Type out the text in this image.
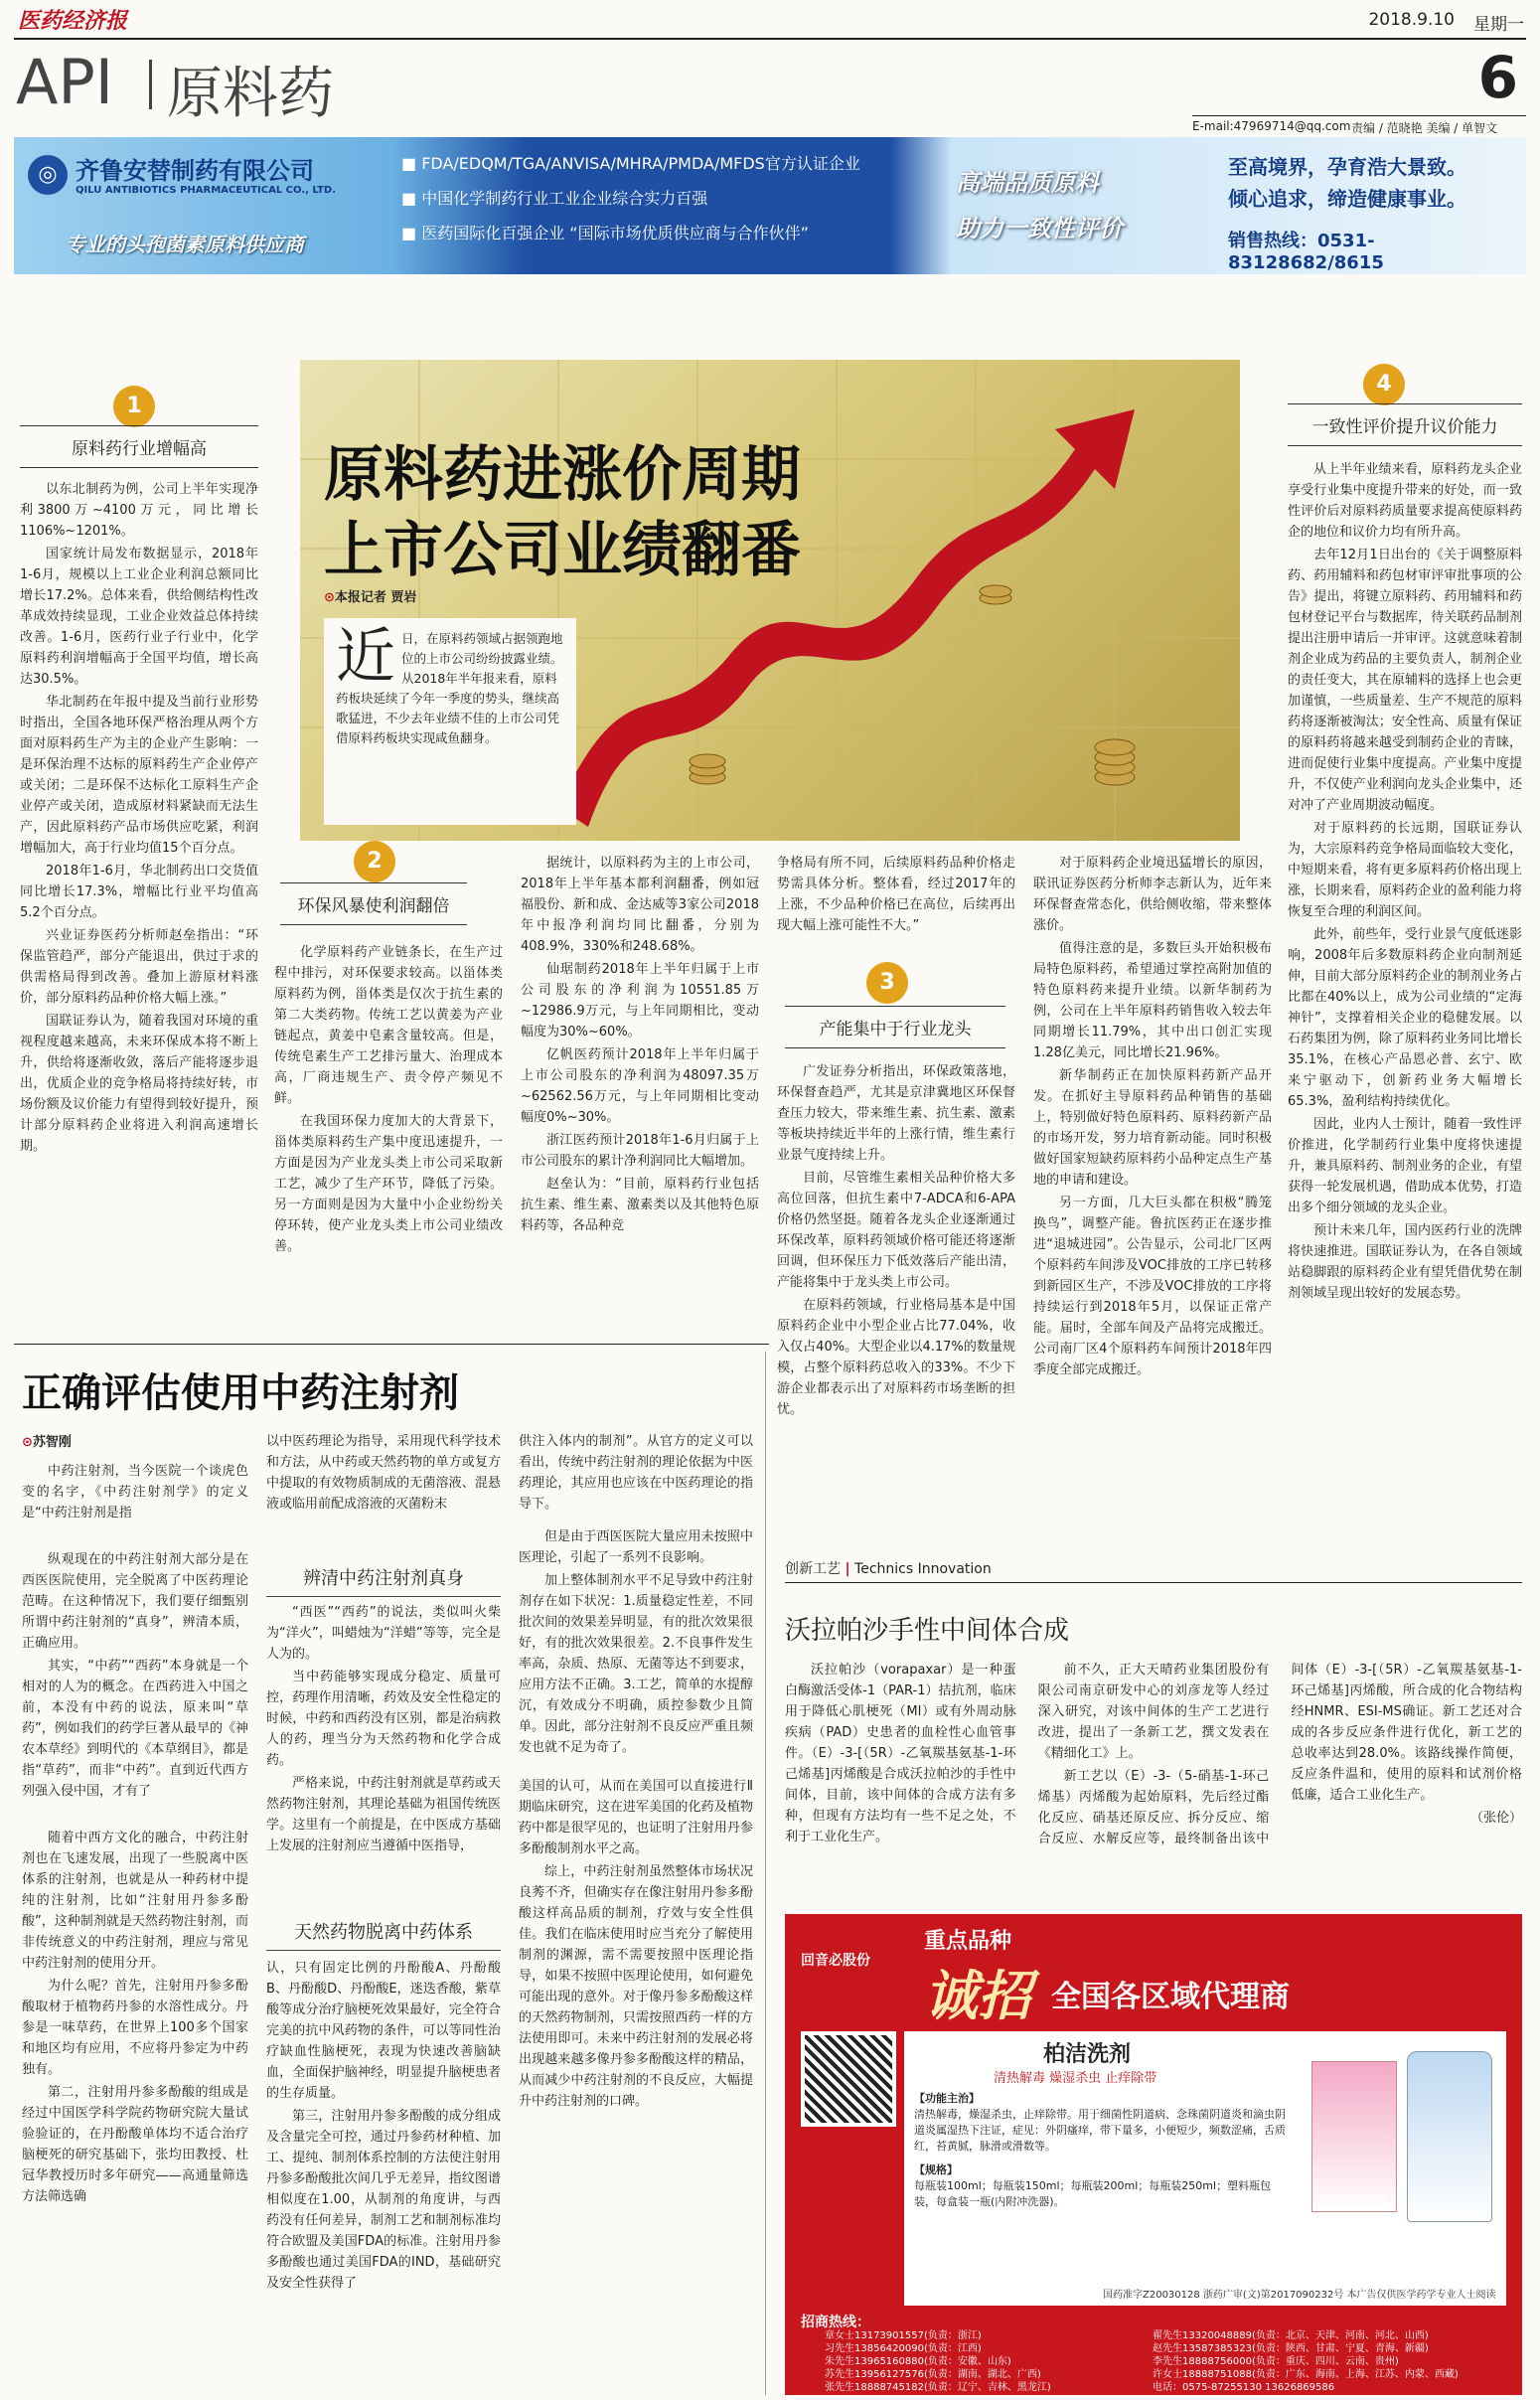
医药经济报	2018.9.10 星期一
API 原料药	6
E-mail:47969714@qq.com 责编 / 范晓艳 美编 / 单智文
◎ 齐鲁安替制药有限公司
QILU ANTIBIOTICS PHARMACEUTICAL CO., LTD.
专业的头孢菌素原料供应商
■ FDA/EDQM/TGA/ANVISA/MHRA/PMDA/MFDS官方认证企业
■ 中国化学制药行业工业企业综合实力百强
■ 医药国际化百强企业 “国际市场优质供应商与合作伙伴”
高端品质原料
助力一致性评价
至高境界，孕育浩大景致。
倾心追求，缔造健康事业。
销售热线：0531-83128682/8615
原料药进涨价周期
上市公司业绩翻番
⊙本报记者 贾岩
近 日，在原料药领域占据领跑地位的上市公司纷纷披露业绩。从2018年半年报来看，原料药板块延续了今年一季度的势头，继续高歌猛进，不少去年业绩不佳的上市公司凭借原料药板块实现咸鱼翻身。
1
原料药行业增幅高

以东北制药为例，公司上半年实现净利3800万~4100万元，同比增长1106%~1201%。

国家统计局发布数据显示，2018年1-6月，规模以上工业企业利润总额同比增长17.2%。总体来看，供给侧结构性改革成效持续显现，工业企业效益总体持续改善。1-6月，医药行业子行业中，化学原料药利润增幅高于全国平均值，增长高达30.5%。

华北制药在年报中提及当前行业形势时指出，全国各地环保严格治理从两个方面对原料药生产为主的企业产生影响：一是环保治理不达标的原料药生产企业停产或关闭；二是环保不达标化工原料生产企业停产或关闭，造成原材料紧缺而无法生产，因此原料药产品市场供应吃紧，利润增幅加大，高于行业均值15个百分点。

2018年1-6月，华北制药出口交货值同比增长17.3%，增幅比行业平均值高5.2个百分点。

兴业证券医药分析师赵垒指出：“环保监管趋严，部分产能退出，供过于求的供需格局得到改善。叠加上游原材料涨价，部分原料药品种价格大幅上涨。”

国联证券认为，随着我国对环境的重视程度越来越高，未来环保成本将不断上升，供给将逐渐收敛，落后产能将逐步退出，优质企业的竞争格局将持续好转，市场份额及议价能力有望得到较好提升，预计部分原料药企业将进入利润高速增长期。

2
环保风暴使利润翻倍

化学原料药产业链条长，在生产过程中排污，对环保要求较高。以甾体类原料药为例，甾体类是仅次于抗生素的第二大类药物。传统工艺以黄姜为产业链起点，黄姜中皂素含量较高。但是，传统皂素生产工艺排污量大、治理成本高，厂商违规生产、责令停产频见不鲜。

在我国环保力度加大的大背景下，甾体类原料药生产集中度迅速提升，一方面是因为产业龙头类上市公司采取新工艺，减少了生产环节，降低了污染。另一方面则是因为大量中小企业纷纷关停环转，使产业龙头类上市公司业绩改善。

据统计，以原料药为主的上市公司，2018年上半年基本都利润翻番，例如冠福股份、新和成、金达威等3家公司2018年中报净利润均同比翻番，分别为408.9%，330%和248.68%。

仙琚制药2018年上半年归属于上市公司股东的净利润为10551.85万~12986.9万元，与上年同期相比，变动幅度为30%~60%。

亿帆医药预计2018年上半年归属于上市公司股东的净利润为48097.35万~62562.56万元，与上年同期相比变动幅度0%~30%。

浙江医药预计2018年1-6月归属于上市公司股东的累计净利润同比大幅增加。

赵垒认为：“目前，原料药行业包括抗生素、维生素、激素类以及其他特色原料药等，各品种竞

争格局有所不同，后续原料药品种价格走势需具体分析。整体看，经过2017年的上涨，不少品种价格已在高位，后续再出现大幅上涨可能性不大。”

3
产能集中于行业龙头

广发证券分析指出，环保政策落地，环保督查趋严，尤其是京津冀地区环保督查压力较大，带来维生素、抗生素、激素等板块持续近半年的上涨行情，维生素行业景气度持续上升。

目前，尽管维生素相关品种价格大多高位回落，但抗生素中7-ADCA和6-APA价格仍然坚挺。随着各龙头企业逐渐通过环保改革，原料药领域价格可能还将逐渐回调，但环保压力下低效落后产能出清，产能将集中于龙头类上市公司。

在原料药领域，行业格局基本是中国原料药企业中小型企业占比77.04%，收入仅占40%。大型企业以4.17%的数量规模，占整个原料药总收入的33%。不少下游企业都表示出了对原料药市场垄断的担忧。

对于原料药企业境迅猛增长的原因，联讯证券医药分析师李志新认为，近年来环保督查常态化，供给侧收缩，带来整体涨价。

值得注意的是，多数巨头开始积极布局特色原料药，希望通过掌控高附加值的特色原料药来提升业绩。以新华制药为例，公司在上半年原料药销售收入较去年同期增长11.79%，其中出口创汇实现1.28亿美元，同比增长21.96%。

新华制药正在加快原料药新产品开发。在抓好主导原料药品种销售的基础上，特别做好特色原料药、原料药新产品的市场开发，努力培育新动能。同时积极做好国家短缺药原料药小品种定点生产基地的申请和建设。

另一方面，几大巨头都在积极“腾笼换鸟”，调整产能。鲁抗医药正在逐步推进“退城进园”。公告显示，公司北厂区两个原料药车间涉及VOC排放的工序已转移到新园区生产，不涉及VOC排放的工序将持续运行到2018年5月，以保证正常产能。届时，全部车间及产品将完成搬迁。公司南厂区4个原料药车间预计2018年四季度全部完成搬迁。

4
一致性评价提升议价能力

从上半年业绩来看，原料药龙头企业享受行业集中度提升带来的好处，而一致性评价后对原料药质量要求提高使原料药企的地位和议价力均有所升高。

去年12月1日出台的《关于调整原料药、药用辅料和药包材审评审批事项的公告》提出，将键立原料药、药用辅料和药包材登记平台与数据库，待关联药品制剂提出注册申请后一并审评。这就意味着制剂企业成为药品的主要负责人，制剂企业的责任变大，其在原辅料的选择上也会更加谨慎，一些质量差、生产不规范的原料药将逐渐被淘汰；安全性高、质量有保证的原料药将越来越受到制药企业的青睐，进而促使行业集中度提高。产业集中度提升，不仅使产业利润向龙头企业集中，还对冲了产业周期波动幅度。

对于原料药的长远期，国联证券认为，大宗原料药竞争格局面临较大变化，中短期来看，将有更多原料药价格出现上涨，长期来看，原料药企业的盈利能力将恢复至合理的利润区间。

此外，前些年，受行业景气度低迷影响，2008年后多数原料药企业向制剂延伸，目前大部分原料药企业的制剂业务占比都在40%以上，成为公司业绩的“定海神针”，支撑着相关企业的稳健发展。以石药集团为例，除了原料药业务同比增长35.1%，在核心产品恩必普、玄宁、欧来宁驱动下，创新药业务大幅增长65.3%，盈利结构持续优化。

因此，业内人士预计，随着一致性评价推进，化学制药行业集中度将快速提升，兼具原料药、制剂业务的企业，有望获得一轮发展机遇，借助成本优势，打造出多个细分领域的龙头企业。

预计未来几年，国内医药行业的洗牌将快速推进。国联证券认为，在各自领域站稳脚跟的原料药企业有望凭借优势在制剂领域呈现出较好的发展态势。

正确评估使用中药注射剂
⊙苏智刚

中药注射剂，当今医院一个谈虎色变的名字，《中药注射剂学》的定义是“中药注射剂是指

纵观现在的中药注射剂大部分是在西医医院使用，完全脱离了中医药理论范畴。在这种情况下，我们要仔细甄别所谓中药注射剂的“真身”，辨清本质，正确应用。

其实，“中药”“西药”本身就是一个相对的人为的概念。在西药进入中国之前，本没有中药的说法，原来叫“草药”，例如我们的药学巨著从最早的《神农本草经》到明代的《本草纲目》，都是指“草药”，而非“中药”。直到近代西方列强入侵中国，才有了

随着中西方文化的融合，中药注射剂也在飞速发展，出现了一些脱离中医体系的注射剂，也就是从一种药材中提纯的注射剂，比如“注射用丹参多酚酸”，这种制剂就是天然药物注射剂，而非传统意义的中药注射剂，理应与常见中药注射剂的使用分开。

为什么呢？首先，注射用丹参多酚酸取材于植物药丹参的水溶性成分。丹参是一味草药，在世界上100多个国家和地区均有应用，不应将丹参定为中药独有。

第二，注射用丹参多酚酸的组成是经过中国医学科学院药物研究院大量试验验证的，在丹酚酸单体均不适合治疗脑梗死的研究基础下，张均田教授、杜冠华教授历时多年研究——高通量筛选方法筛选确

以中医药理论为指导，采用现代科学技术和方法，从中药或天然药物的单方或复方中提取的有效物质制成的无菌溶液、混悬液或临用前配成溶液的灭菌粉末

辨清中药注射剂真身

“西医”“西药”的说法，类似叫火柴为“洋火”，叫蜡烛为“洋蜡”等等，完全是人为的。

当中药能够实现成分稳定、质量可控，药理作用清晰，药效及安全性稳定的时候，中药和西药没有区别，都是治病救人的药，理当分为天然药物和化学合成药。

严格来说，中药注射剂就是草药或天然药物注射剂，其理论基础为祖国传统医学。这里有一个前提是，在中医成方基础上发展的注射剂应当遵循中医指导，

天然药物脱离中药体系

认，只有固定比例的丹酚酸A、丹酚酸B、丹酚酸D、丹酚酸E，迷迭香酸，紫草酸等成分治疗脑梗死效果最好，完全符合完美的抗中风药物的条件，可以等同性治疗缺血性脑梗死，表现为快速改善脑缺血，全面保护脑神经，明显提升脑梗患者的生存质量。

第三，注射用丹参多酚酸的成分组成及含量完全可控，通过丹参药材种植、加工、提纯、制剂体系控制的方法使注射用丹参多酚酸批次间几乎无差异，指纹图谱相似度在1.00，从制剂的角度讲，与西药没有任何差异，制剂工艺和制剂标准均符合欧盟及美国FDA的标准。注射用丹参多酚酸也通过美国FDA的IND，基础研究及安全性获得了

供注入体内的制剂”。从官方的定义可以看出，传统中药注射剂的理论依据为中医药理论，其应用也应该在中医药理论的指导下。

但是由于西医医院大量应用未按照中医理论，引起了一系列不良影响。

加上整体制剂水平不足导致中药注射剂存在如下状况：1.质量稳定性差，不同批次间的效果差异明显，有的批次效果很好，有的批次效果很差。2.不良事件发生率高，杂质、热原、无菌等达不到要求，应用方法不正确。3.工艺，简单的水提醇沉，有效成分不明确，质控参数少且简单。因此，部分注射剂不良反应严重且频发也就不足为奇了。

美国的认可，从而在美国可以直接进行Ⅱ期临床研究，这在进军美国的化药及植物药中都是很罕见的，也证明了注射用丹参多酚酸制剂水平之高。

综上，中药注射剂虽然整体市场状况良莠不齐，但确实存在像注射用丹参多酚酸这样高品质的制剂，疗效与安全性俱佳。我们在临床使用时应当充分了解使用制剂的渊源，需不需要按照中医理论指导，如果不按照中医理论使用，如何避免可能出现的意外。对于像丹参多酚酸这样的天然药物制剂，只需按照西药一样的方法使用即可。未来中药注射剂的发展必将出现越来越多像丹参多酚酸这样的精品，从而减少中药注射剂的不良反应，大幅提升中药注射剂的口碑。

创新工艺 | Technics Innovation
沃拉帕沙手性中间体合成

沃拉帕沙（vorapaxar）是一种蛋白酶激活受体-1（PAR-1）拮抗剂，临床用于降低心肌梗死（MI）或有外周动脉疾病（PAD）史患者的血栓性心血管事件。（E）-3-[（5R）-乙氧羰基氨基-1-环己烯基]丙烯酸是合成沃拉帕沙的手性中间体，目前，该中间体的合成方法有多种，但现有方法均有一些不足之处，不利于工业化生产。

前不久，正大天晴药业集团股份有限公司南京研发中心的刘彦龙等人经过深入研究，对该中间体的生产工艺进行改进，提出了一条新工艺，撰文发表在《精细化工》上。

新工艺以（E）-3-（5-硝基-1-环己烯基）丙烯酸为起始原料，先后经过酯化反应、硝基还原反应、拆分反应、缩合反应、水解反应等，最终制备出该中间体（E）-3-[（5R）-乙氧羰基氨基-1-环己烯基]丙烯酸，所合成的化合物结构经HNMR、ESI-MS确证。新工艺还对合成的各步反应条件进行优化，新工艺的总收率达到28.0%。该路线操作简便，反应条件温和，使用的原料和试剂价格低廉，适合工业化生产。

（张伦）

回音必股份
重点品种
诚招 全国各区域代理商
柏洁洗剂
清热解毒 燥湿杀虫 止痒除带
【功能主治】
清热解毒，燥湿杀虫，止痒除带。用于细菌性阴道病、念珠菌阴道炎和滴虫阴道炎属湿热下注证，症见：外阴瘙痒，带下量多，小便短少，频数涩痛，舌质红，苔黄腻，脉滑或滑数等。
【规格】
每瓶装100ml；每瓶装150ml；每瓶装200ml；每瓶装250ml；塑料瓶包装，每盒装一瓶(内附冲洗器)。
国药准字Z20030128 浙药广审(文)第2017090232号 本广告仅供医学药学专业人士阅读
招商热线：
章女士13173901557(负责：浙江)
习先生13856420090(负责：江西)
朱先生13965160880(负责：安徽、山东)
苏先生13956127576(负责：湖南、湖北、广西)
张先生18888745182(负责：辽宁、吉林、黑龙江)
翟先生13320048889(负责：北京、天津、河南、河北、山西)
赵先生13587385323(负责：陕西、甘肃、宁夏、青海、新疆)
李先生18888756000(负责：重庆、四川、云南、贵州)
许女士18888751088(负责：广东、海南、上海、江苏、内蒙、西藏)
电话：0575-87255130 13626869586
